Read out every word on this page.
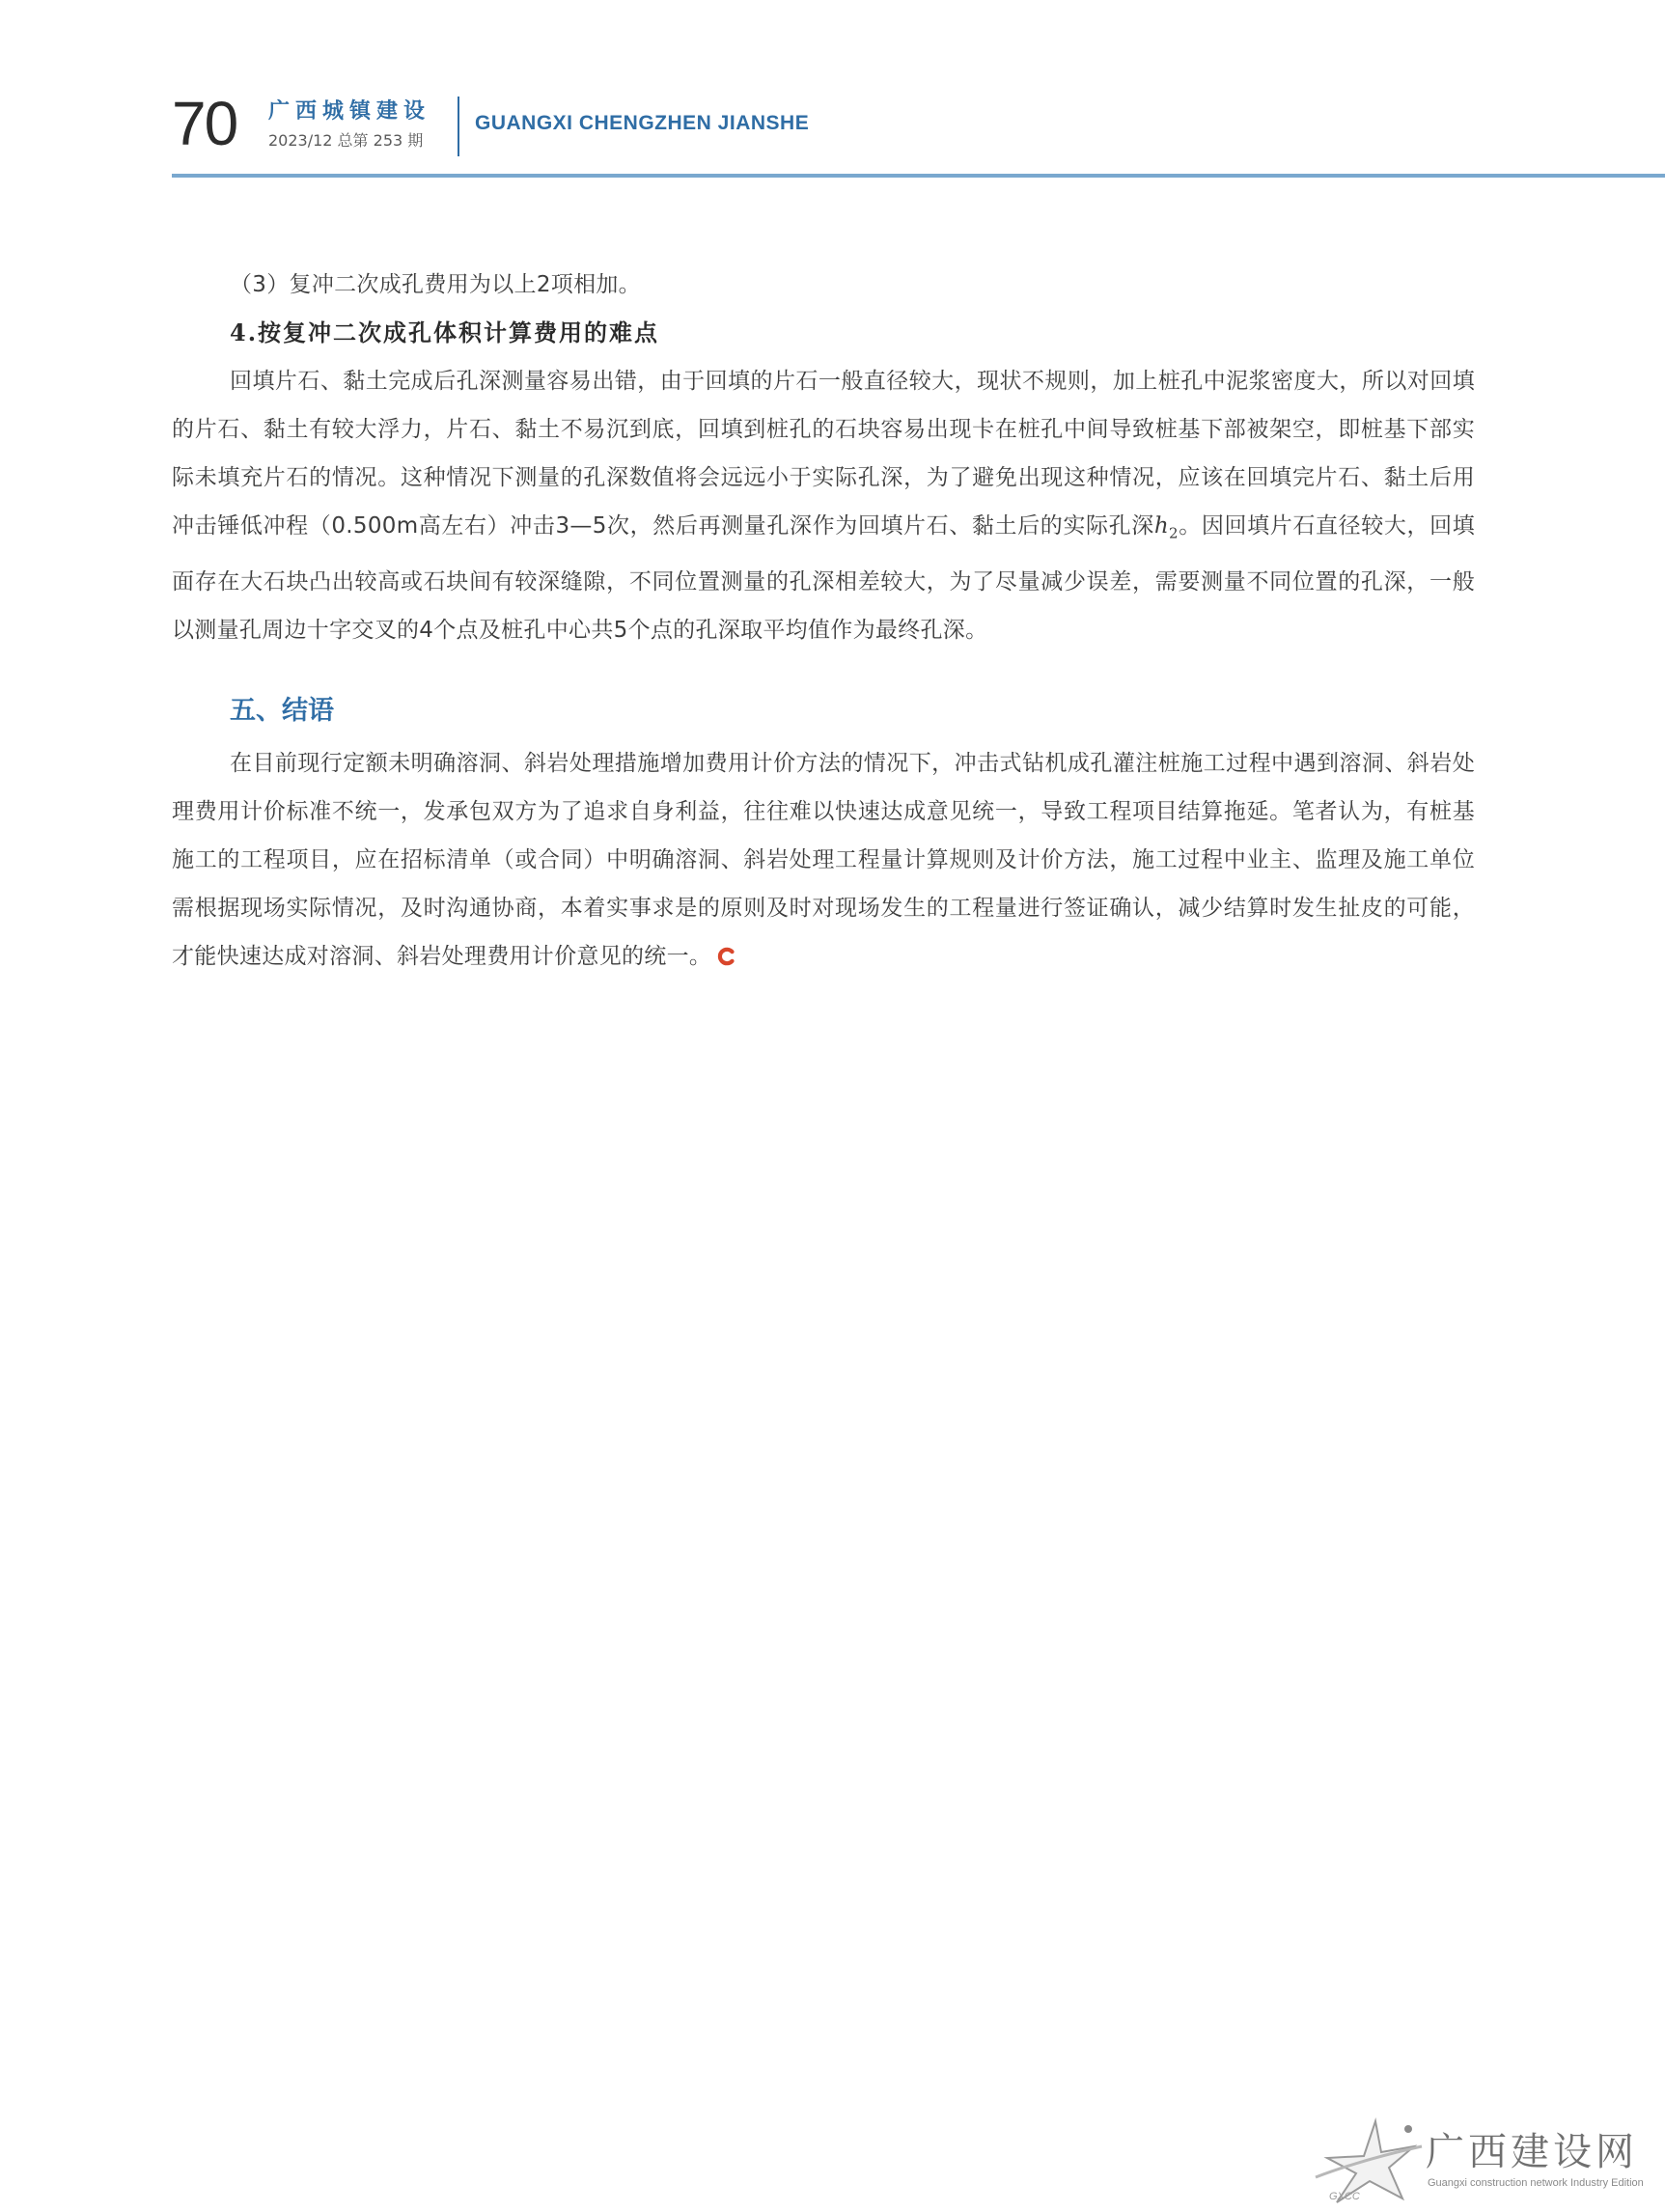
70 广西城镇建设
2023/12 总第 253 期
GUANGXI CHENGZHEN JIANSHE

（3）复冲二次成孔费用为以上2项相加。

4.按复冲二次成孔体积计算费用的难点

回填片石、黏土完成后孔深测量容易出错，由于回填的片石一般直径较大，现状不规则，加上桩孔中泥浆密度大，所以对回填的片石、黏土有较大浮力，片石、黏土不易沉到底，回填到桩孔的石块容易出现卡在桩孔中间导致桩基下部被架空，即桩基下部实际未填充片石的情况。这种情况下测量的孔深数值将会远远小于实际孔深，为了避免出现这种情况，应该在回填完片石、黏土后用冲击锤低冲程（0.500m高左右）冲击3—5次，然后再测量孔深作为回填片石、黏土后的实际孔深$h_2$。因回填片石直径较大，回填面存在大石块凸出较高或石块间有较深缝隙，不同位置测量的孔深相差较大，为了尽量减少误差，需要测量不同位置的孔深，一般以测量孔周边十字交叉的4个点及桩孔中心共5个点的孔深取平均值作为最终孔深。

五、结语

在目前现行定额未明确溶洞、斜岩处理措施增加费用计价方法的情况下，冲击式钻机成孔灌注桩施工过程中遇到溶洞、斜岩处理费用计价标准不统一，发承包双方为了追求自身利益，往往难以快速达成意见统一，导致工程项目结算拖延。笔者认为，有桩基施工的工程项目，应在招标清单（或合同）中明确溶洞、斜岩处理工程量计算规则及计价方法，施工过程中业主、监理及施工单位需根据现场实际情况，及时沟通协商，本着实事求是的原则及时对现场发生的工程量进行签证确认，减少结算时发生扯皮的可能，才能快速达成对溶洞、斜岩处理费用计价意见的统一。

广西建设网
Guangxi construction network Industry Edition
GXCC
